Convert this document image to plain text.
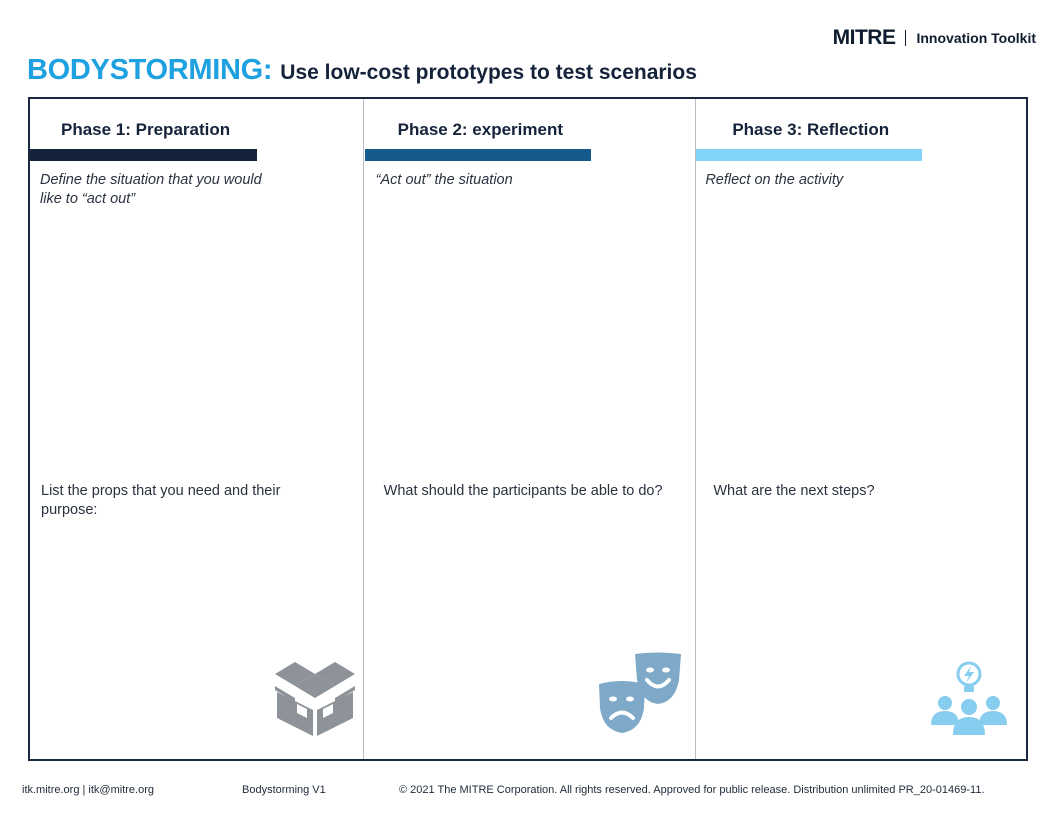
MITRE Innovation Toolkit
BODYSTORMING: Use low-cost prototypes to test scenarios
Phase 1: Preparation
Define the situation that you would like to “act out”
List the props that you need and their purpose:
Phase 2: experiment
“Act out” the situation
What should the participants be able to do?
Phase 3: Reflection
Reflect on the activity
What are the next steps?
itk.mitre.org | itk@mitre.org	Bodystorming V1	© 2021 The MITRE Corporation. All rights reserved. Approved for public release. Distribution unlimited PR_20-01469-11.
